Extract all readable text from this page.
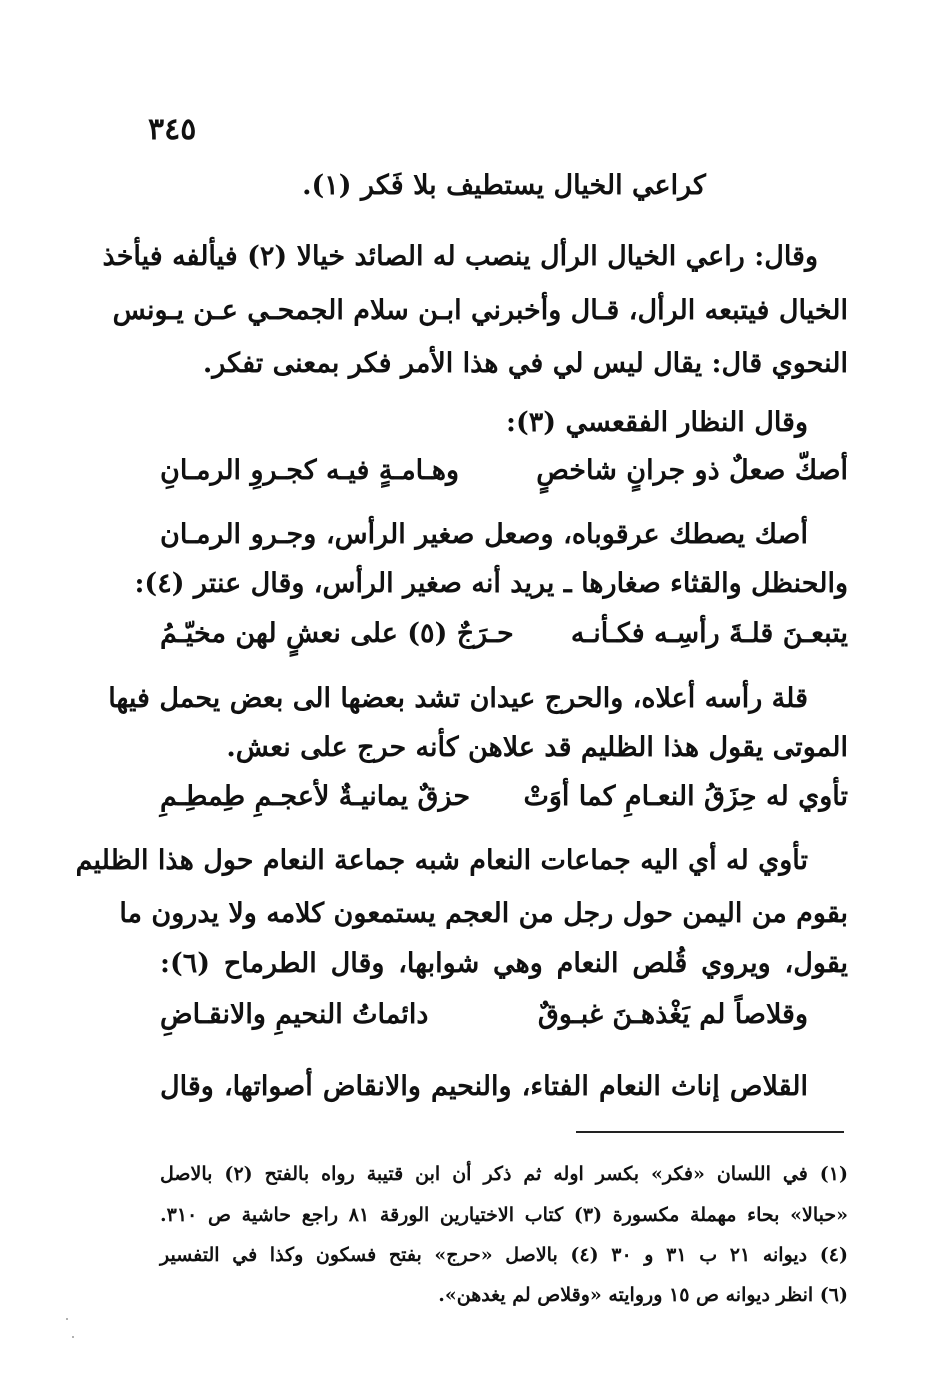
٣٤٥
كراعي الخيال يستطيف بلا فَكر (١).
وقال: راعي الخيال الرأل ينصب له الصائد خيالا (٢) فيألفه فيأخذ
الخيال فيتبعه الرأل، قـال وأخبرني ابـن سلام الجمحـي عـن يـونس
النحوي قال: يقال ليس لي في هذا الأمر فكر بمعنى تفكر.
وقال النظار الفقعسي (٣):
أصكّ صعلٌ ذو جرانٍ شاخصٍ
وهـامـةٍ فيـه كجـروِ الرمـانِ
أصك يصطك عرقوباه، وصعل صغير الرأس، وجـرو الرمـان
والحنظل والقثاء صغارها ـ يريد أنه صغير الرأس، وقال عنتر (٤):
يتبعـنَ قلـةَ رأسِـه فكـأنـه
حـرَجٌ (٥) على نعشٍ لهن مخيّـمُ
قلة رأسه أعلاه، والحرج عيدان تشد بعضها الى بعض يحمل فيها
الموتى يقول هذا الظليم قد علاهن كأنه حرج على نعش.
تأوي له حِزَقُ النعـامِ كما أوَتْ
حزقٌ يمانيـةٌ لأعجـمِ طِمطِـمِ
تأوي له أي اليه جماعات النعام شبه جماعة النعام حول هذا الظليم
بقوم من اليمن حول رجل من العجم يستمعون كلامه ولا يدرون ما
يقول، ويروي قُلص النعام وهي شوابها، وقال الطرماح (٦):
وقلاصاً لم يَغْذهـنَ غبـوقٌ
دائماتُ النحيمِ والانقـاضِ
القلاص إناث النعام الفتاء، والنحيم والانقاض أصواتها، وقال
(١) في اللسان «فكر» بكسر اوله ثم ذكر أن ابن قتيبة رواه بالفتح (٢) بالاصل
«حبالا» بحاء مهملة مكسورة (٣) كتاب الاختيارين الورقة ٨١ راجع حاشية ص ٣١٠.
(٤) ديوانه ٢١ ب ٣١ و ٣٠ (٤) بالاصل «حرج» بفتح فسكون وكذا في التفسير
(٦) انظر ديوانه ص ١٥ وروايته «وقلاص لم يغدهن».
